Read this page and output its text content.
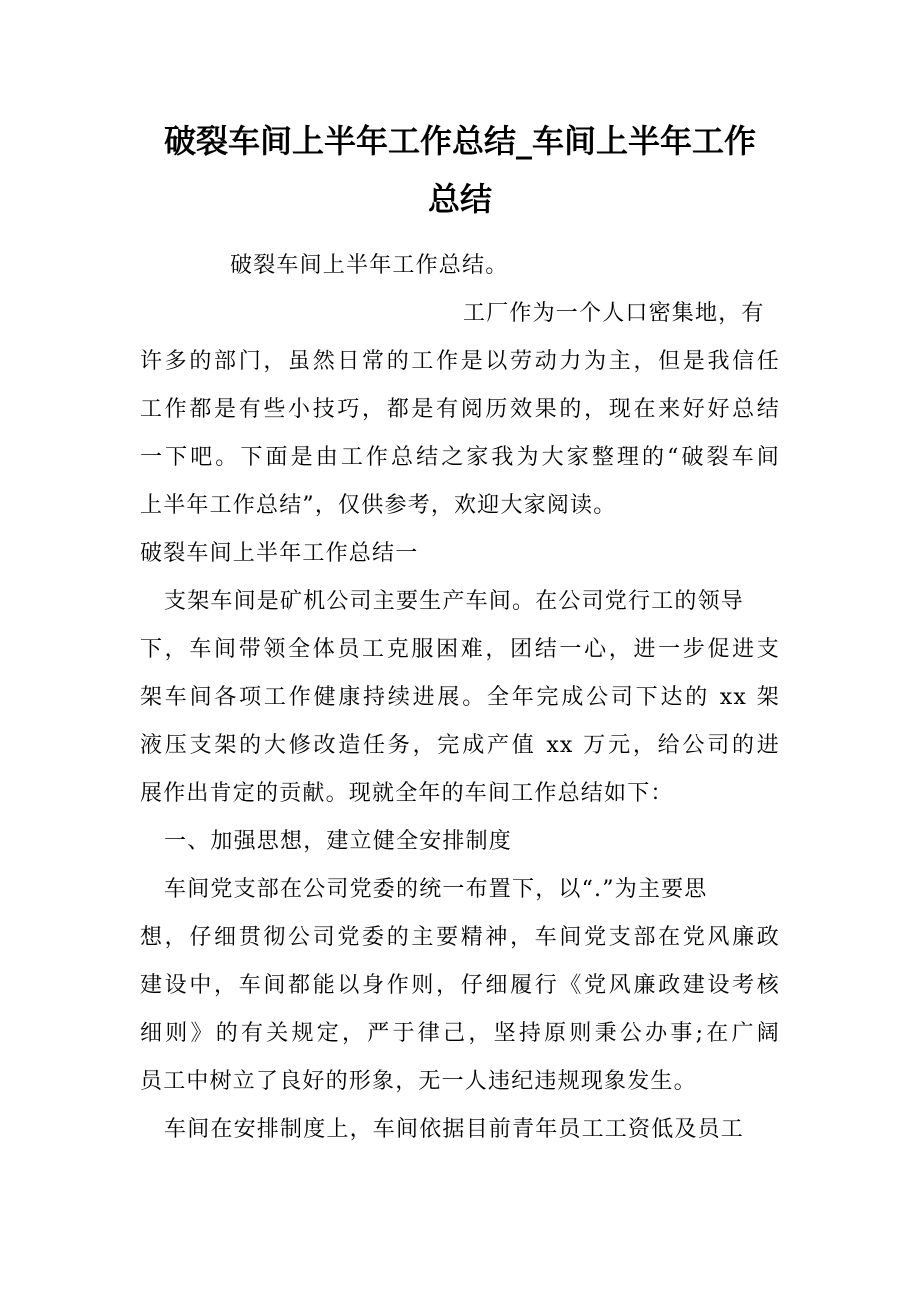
破裂车间上半年工作总结_车间上半年工作
总结
破裂车间上半年工作总结。
工厂作为一个人口密集地，有
许多的部门，虽然日常的工作是以劳动力为主，但是我信任
工作都是有些小技巧，都是有阅历效果的，现在来好好总结
一下吧。下面是由工作总结之家我为大家整理的“破裂车间
上半年工作总结”，仅供参考，欢迎大家阅读。
破裂车间上半年工作总结一
支架车间是矿机公司主要生产车间。在公司党行工的领导
下，车间带领全体员工克服困难，团结一心，进一步促进支
架车间各项工作健康持续进展。全年完成公司下达的 xx 架
液压支架的大修改造任务，完成产值 xx 万元，给公司的进
展作出肯定的贡献。现就全年的车间工作总结如下：
一、加强思想，建立健全安排制度
车间党支部在公司党委的统一布置下，以“.”为主要思
想，仔细贯彻公司党委的主要精神，车间党支部在党风廉政
建设中，车间都能以身作则，仔细履行《党风廉政建设考核
细则》的有关规定，严于律己，坚持原则秉公办事;在广阔
员工中树立了良好的形象，无一人违纪违规现象发生。
车间在安排制度上，车间依据目前青年员工工资低及员工
